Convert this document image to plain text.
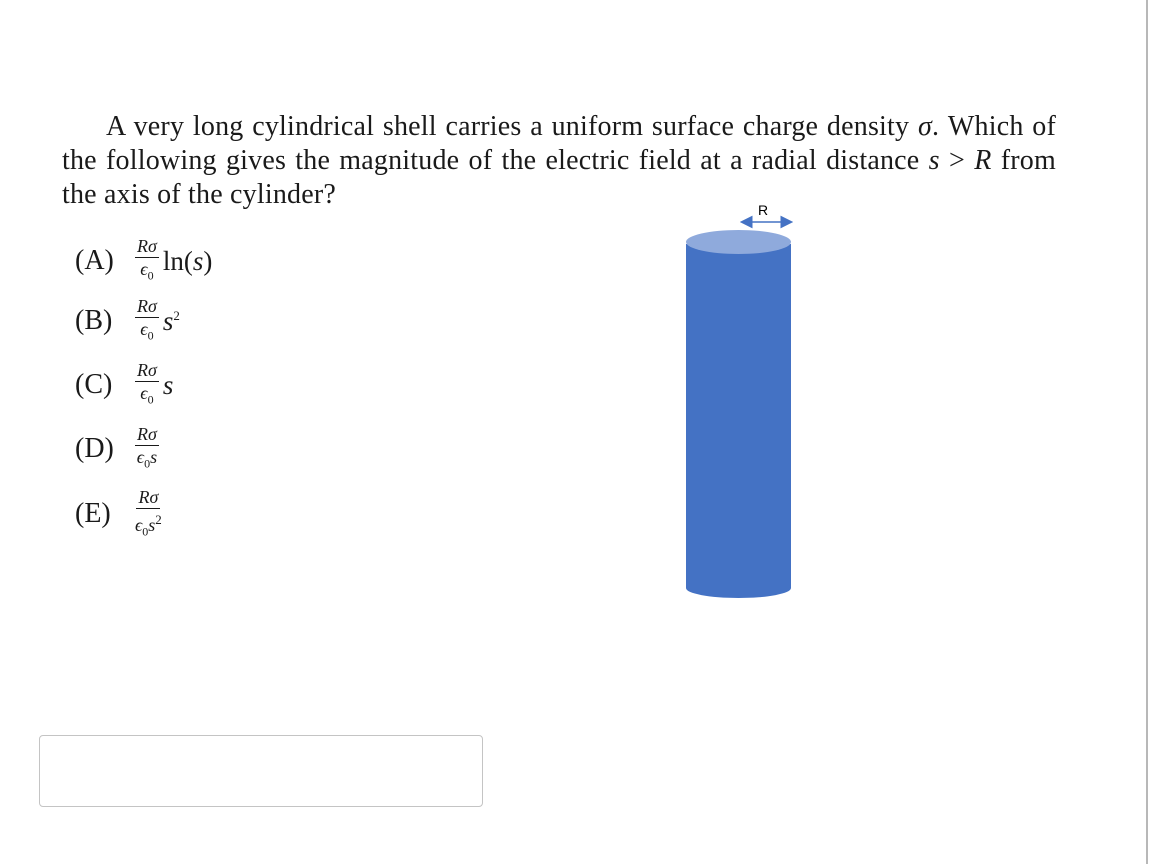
A very long cylindrical shell carries a uniform surface charge density σ. Which of the following gives the magnitude of the electric field at a radial distance s > R from the axis of the cylinder?

(A)	$\frac{R\sigma}{\epsilon_0} \ln(s)$
(B)	$\frac{R\sigma}{\epsilon_0} s^2$
(C)	$\frac{R\sigma}{\epsilon_0}$ s
(D)	$\frac{R\sigma}{\epsilon_0s}$
(E)	$\frac{R\sigma}{\epsilon_0s^2}$
R
